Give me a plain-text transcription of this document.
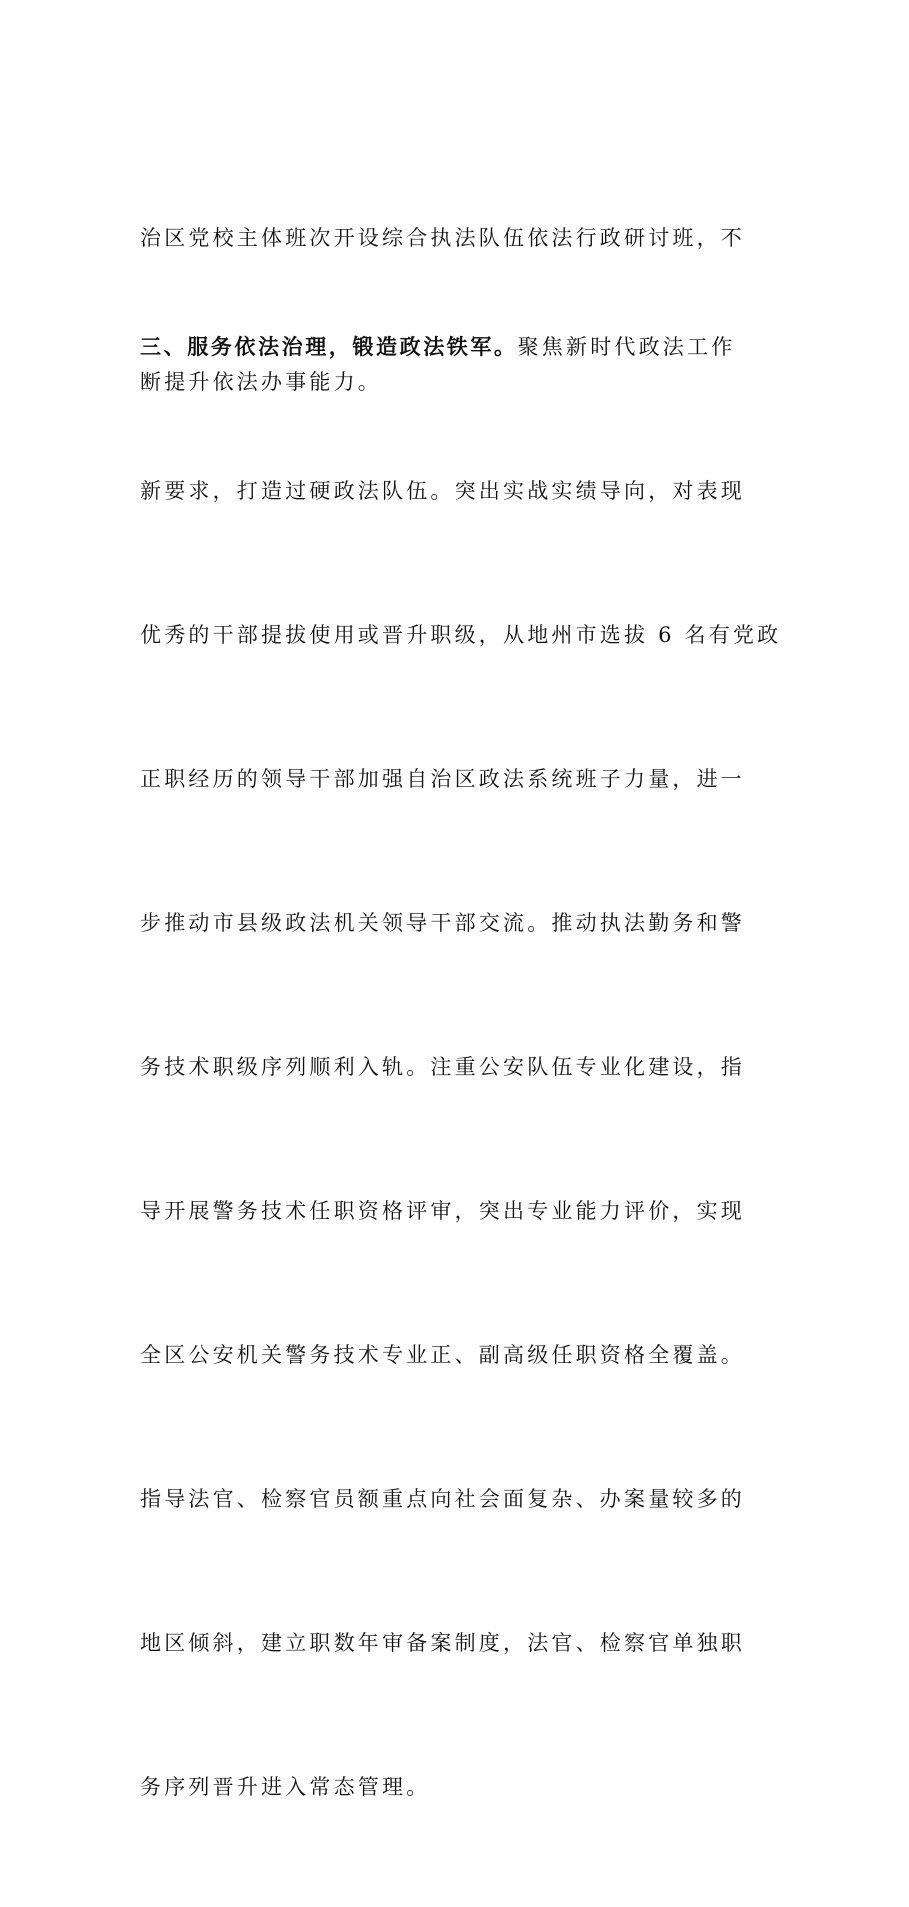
治区党校主体班次开设综合执法队伍依法行政研讨班，不

断提升依法办事能力。

三、服务依法治理，锻造政法铁军。聚焦新时代政法工作

新要求，打造过硬政法队伍。突出实战实绩导向，对表现

优秀的干部提拔使用或晋升职级，从地州市选拔 6 名有党政

正职经历的领导干部加强自治区政法系统班子力量，进一

步推动市县级政法机关领导干部交流。推动执法勤务和警

务技术职级序列顺利入轨。注重公安队伍专业化建设，指

导开展警务技术任职资格评审，突出专业能力评价，实现

全区公安机关警务技术专业正、副高级任职资格全覆盖。

指导法官、检察官员额重点向社会面复杂、办案量较多的

地区倾斜，建立职数年审备案制度，法官、检察官单独职

务序列晋升进入常态管理。
